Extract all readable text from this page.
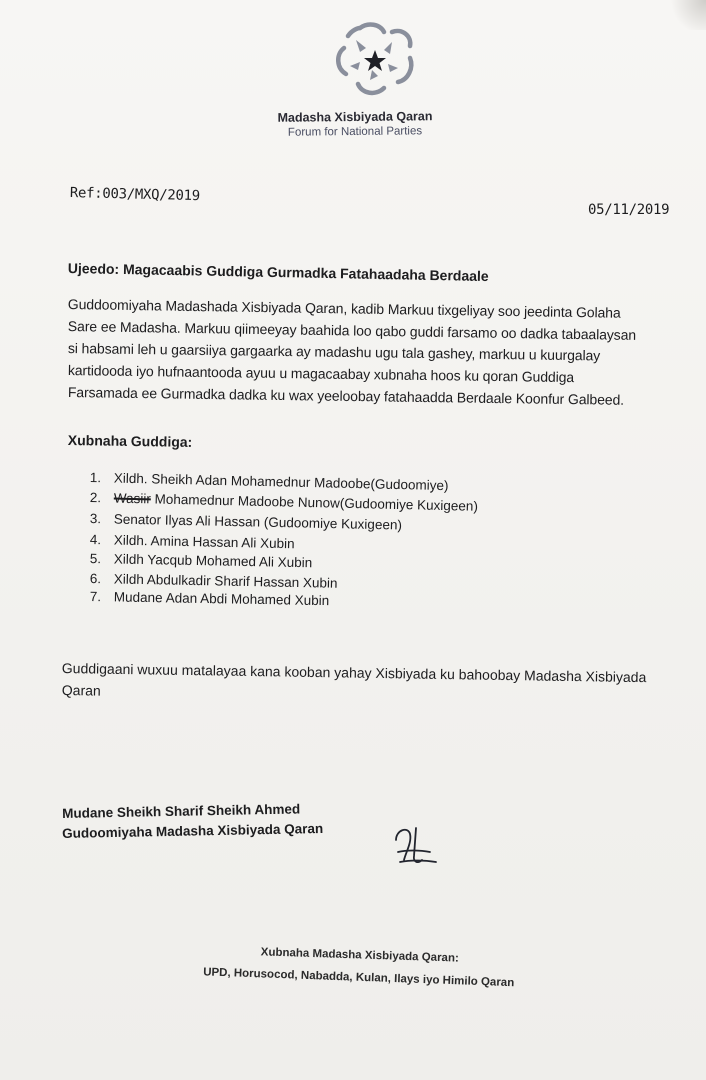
Madasha Xisbiyada Qaran
Forum for National Parties
Ref:003/MXQ/2019
05/11/2019
Ujeedo: Magacaabis Guddiga Gurmadka Fatahaadaha Berdaale
Guddoomiyaha Madashada Xisbiyada Qaran, kadib Markuu tixgeliyay soo jeedinta Golaha
Sare ee Madasha. Markuu qiimeeyay baahida loo qabo guddi farsamo oo dadka tabaalaysan
si habsami leh u gaarsiiya gargaarka ay madashu ugu tala gashey, markuu u kuurgalay
kartidooda iyo hufnaantooda ayuu u magacaabay xubnaha hoos ku qoran Guddiga
Farsamada ee Gurmadka dadka ku wax yeeloobay fatahaadda Berdaale Koonfur Galbeed.
Xubnaha Guddiga:
1. Xildh. Sheikh Adan Mohamednur Madoobe(Gudoomiye)
2. Wasiir Mohamednur Madoobe Nunow(Gudoomiye Kuxigeen)
3. Senator Ilyas Ali Hassan (Gudoomiye Kuxigeen)
4. Xildh. Amina Hassan Ali Xubin
5. Xildh Yacqub Mohamed Ali Xubin
6. Xildh Abdulkadir Sharif Hassan Xubin
7. Mudane Adan Abdi Mohamed Xubin
Guddigaani wuxuu matalayaa kana kooban yahay Xisbiyada ku bahoobay Madasha Xisbiyada
Qaran
Mudane Sheikh Sharif Sheikh Ahmed
Gudoomiyaha Madasha Xisbiyada Qaran
Xubnaha Madasha Xisbiyada Qaran:
UPD, Horusocod, Nabadda, Kulan, Ilays iyo Himilo Qaran
